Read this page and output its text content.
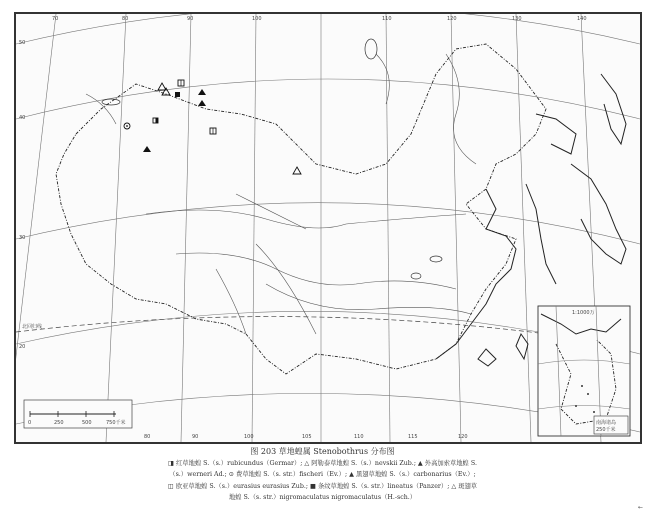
北回归线
70	80	90	100	110	120	130	140
50
40
30
20
80	90	100	105	110	115	120
0	250	500	750千米	南海诸岛
250千米
1:1000万
图 203 草地蝗属 Stenobothrus 分布图
◨ 红草地蝗 S.（s.）rubicundus（Germar）; △ 阿勒泰草地蝗 S.（s.）nevskii Zub.; ▲ 外高加索草地蝗 S.
（s.）werneri Ad.; ⊙ 费草地蝗 S.（s. str.）fischeri（Ev.）; ▲ 黑翅草地蝗 S.（s.）carbonarius（Ev.）;
◫ 欧亚草地蝗 S.（s.）eurasius eurasius Zub.; ■ 条纹草地蝗 S.（s. str.）lineatus（Panzer）; △ 斑翅草
地蝗 S.（s. str.）nigromaculatus nigromaculatus（H.-sch.）
←
